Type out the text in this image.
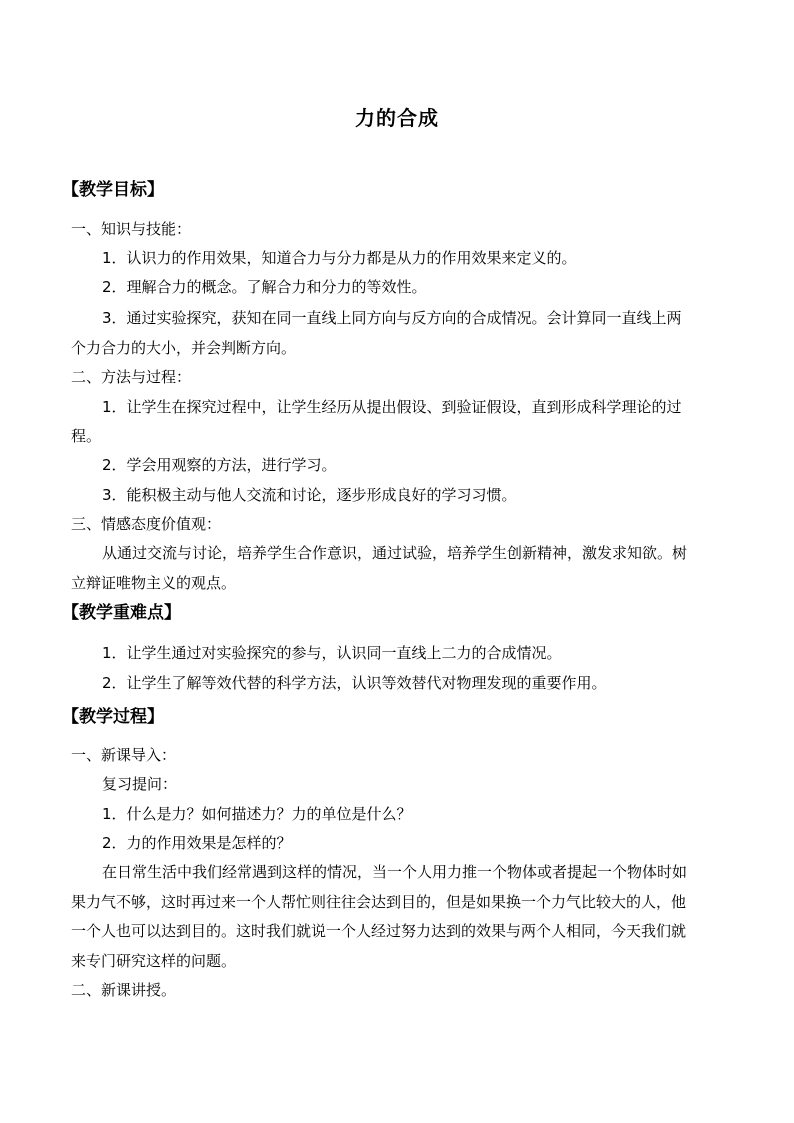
力的合成
【教学目标】
一、知识与技能：
1．认识力的作用效果，知道合力与分力都是从力的作用效果来定义的。
2．理解合力的概念。了解合力和分力的等效性。
3．通过实验探究，获知在同一直线上同方向与反方向的合成情况。会计算同一直线上两
个力合力的大小，并会判断方向。
二、方法与过程：
1．让学生在探究过程中，让学生经历从提出假设、到验证假设，直到形成科学理论的过
程。
2．学会用观察的方法，进行学习。
3．能积极主动与他人交流和讨论，逐步形成良好的学习习惯。
三、情感态度价值观：
从通过交流与讨论，培养学生合作意识，通过试验，培养学生创新精神，激发求知欲。树
立辩证唯物主义的观点。
【教学重难点】
1．让学生通过对实验探究的参与，认识同一直线上二力的合成情况。
2．让学生了解等效代替的科学方法，认识等效替代对物理发现的重要作用。
【教学过程】
一、新课导入：
复习提问：
1．什么是力？如何描述力？力的单位是什么？
2．力的作用效果是怎样的？
在日常生活中我们经常遇到这样的情况，当一个人用力推一个物体或者提起一个物体时如
果力气不够，这时再过来一个人帮忙则往往会达到目的，但是如果换一个力气比较大的人，他
一个人也可以达到目的。这时我们就说一个人经过努力达到的效果与两个人相同，今天我们就
来专门研究这样的问题。
二、新课讲授。
